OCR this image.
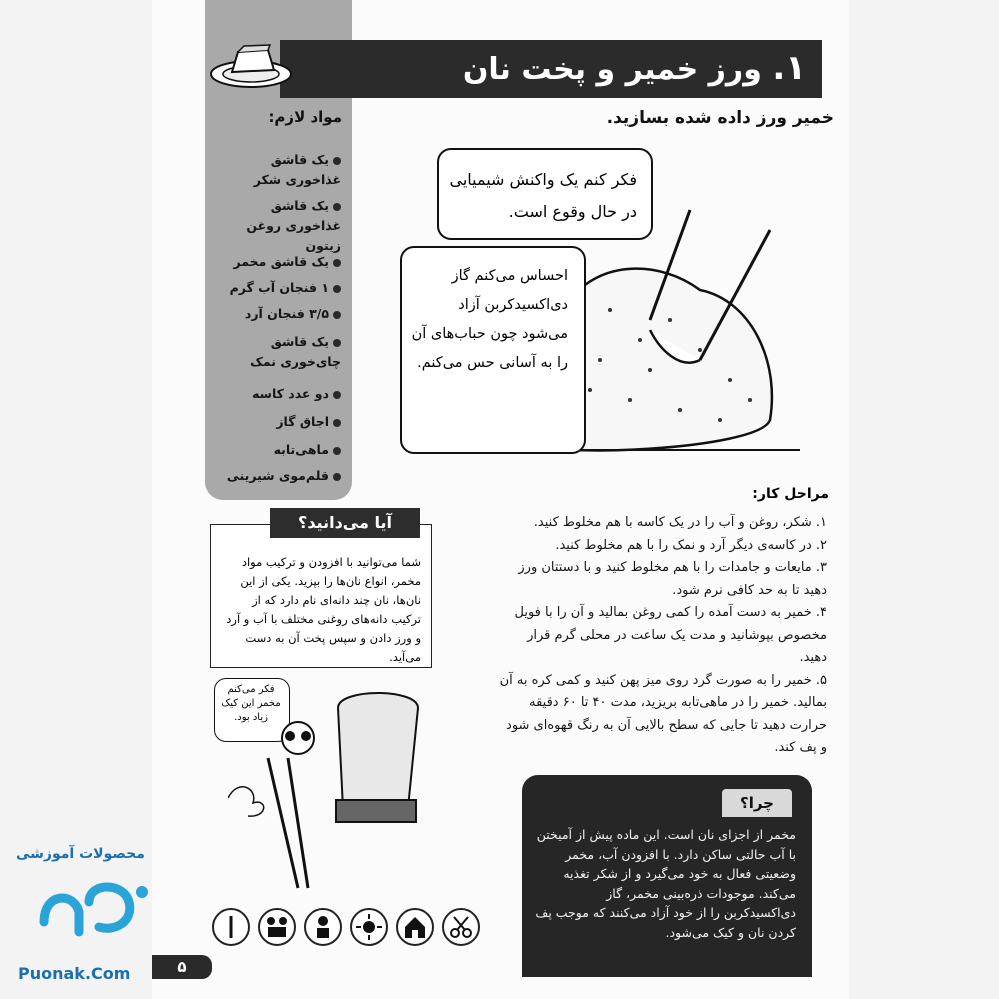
مواد لازم:
یک قاشق غذاخوری شکر
یک قاشق غذاخوری روغن زیتون
یک قاشق مخمر
۱ فنجان آب گرم
۳/۵ فنجان آرد
یک قاشق چای‌خوری نمک
دو عدد کاسه
اجاق گاز
ماهی‌تابه
قلم‌موی شیرینی
۱. ورز خمیر و پخت نان
خمیر ورز داده شده بسازید.
فکر کنم یک واکنش شیمیایی در حال وقوع است.
احساس می‌کنم گاز دی‌اکسیدکربن آزاد می‌شود چون حباب‌های آن را به آسانی حس می‌کنم.
مراحل کار:

۱. شکر، روغن و آب را در یک کاسه با هم مخلوط کنید.

۲. در کاسه‌ی دیگر آرد و نمک را با هم مخلوط کنید.

۳. مایعات و جامدات را با هم مخلوط کنید و با دستتان ورز دهید تا به حد کافی نرم شود.

۴. خمیر به دست آمده را کمی روغن بمالید و آن را با فویل مخصوص بپوشانید و مدت یک ساعت در محلی گرم قرار دهید.

۵. خمیر را به صورت گرد روی میز پهن کنید و کمی کره به آن بمالید. خمیر را در ماهی‌تابه بریزید، مدت ۴۰ تا ۶۰ دقیقه حرارت دهید تا جایی که سطح بالایی آن به رنگ قهوه‌ای شود و پف کند.

شما می‌توانید با افزودن و ترکیب مواد مخمر، انواع نان‌ها را بپزید. یکی از این نان‌ها، نان چند دانه‌ای نام دارد که از ترکیب دانه‌های روغنی مختلف با آب و آرد و ورز دادن و سپس پخت آن به دست می‌آید.
آیا می‌دانید؟
فکر می‌کنم مخمر این کیک زیاد بود.
چرا؟
مخمر از اجزای نان است. این ماده پیش از آمیختن با آب حالتی ساکن دارد. با افزودن آب، مخمر وضعیتی فعال به خود می‌گیرد و از شکر تغذیه می‌کند. موجودات ذره‌بینی مخمر، گاز دی‌اکسیدکربن را از خود آزاد می‌کنند که موجب پف کردن نان و کیک می‌شود.
۵
محصولات آموزشی
Puonak.Com
